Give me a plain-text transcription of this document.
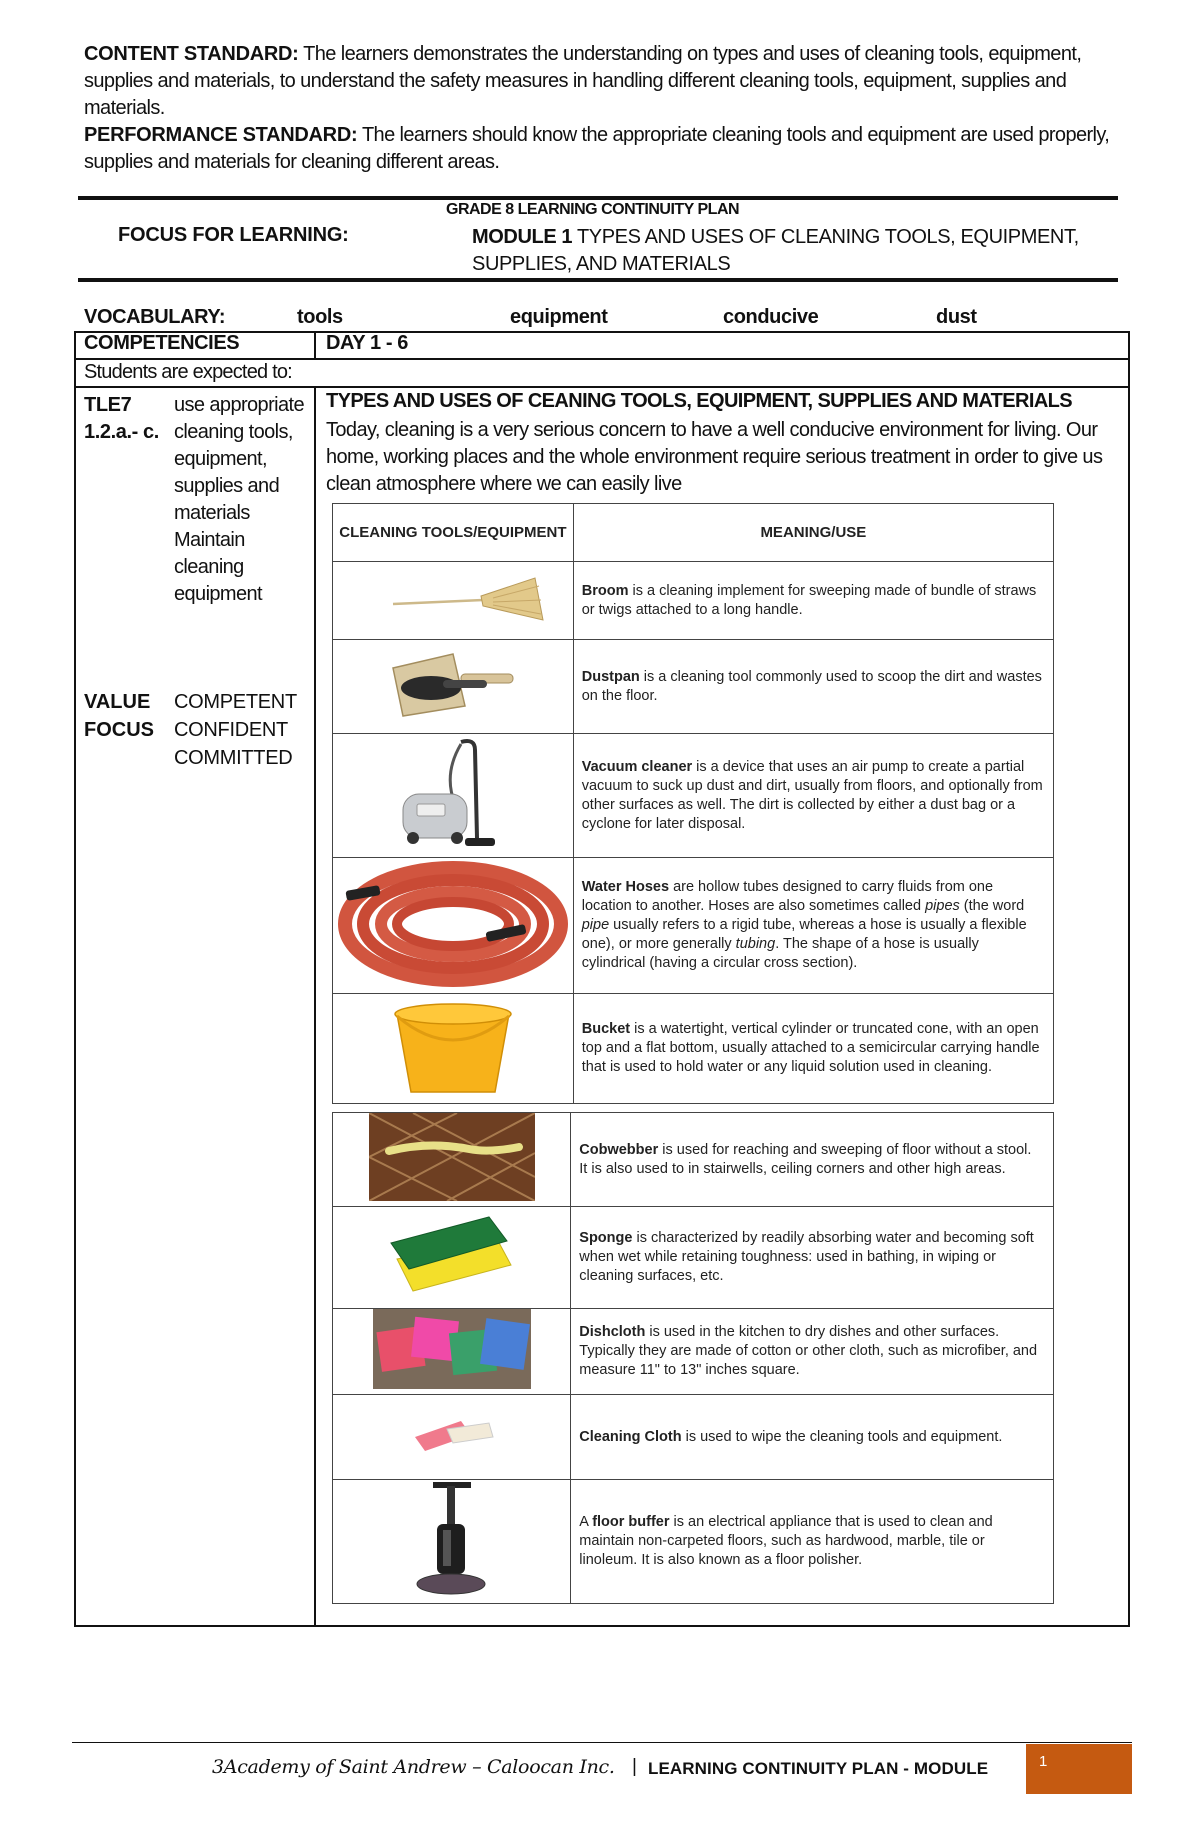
CONTENT STANDARD: The learners demonstrates the understanding on types and uses of cleaning tools, equipment, supplies and materials, to understand the safety measures in handling different cleaning tools, equipment, supplies and materials.
PERFORMANCE STANDARD: The learners should know the appropriate cleaning tools and equipment are used properly, supplies and materials for cleaning different areas.
GRADE 8 LEARNING CONTINUITY PLAN
FOCUS FOR LEARNING:	MODULE 1 TYPES AND USES OF CLEANING TOOLS, EQUIPMENT, SUPPLIES, AND MATERIALS
VOCABULARY:	tools	equipment	conducive	dust
COMPETENCIES	DAY 1 - 6
Students are expected to:
TLE7 1.2.a.- c.
use appropriate cleaning tools, equipment, supplies and materials Maintain cleaning equipment
VALUE FOCUS
COMPETENT
CONFIDENT
COMMITTED
TYPES AND USES OF CEANING TOOLS, EQUIPMENT, SUPPLIES AND MATERIALS
Today, cleaning is a very serious concern to have a well conducive environment for living. Our home, working places and the whole environment require serious treatment in order to give us clean atmosphere where we can easily live
CLEANING TOOLS/EQUIPMENT	MEANING/USE
	Broom is a cleaning implement for sweeping made of bundle of straws or twigs attached to a long handle.
	Dustpan is a cleaning tool commonly used to scoop the dirt and wastes on the floor.
	Vacuum cleaner is a device that uses an air pump to create a partial vacuum to suck up dust and dirt, usually from floors, and optionally from other surfaces as well. The dirt is collected by either a dust bag or a cyclone for later disposal.
	Water Hoses are hollow tubes designed to carry fluids from one location to another. Hoses are also sometimes called pipes (the word pipe usually refers to a rigid tube, whereas a hose is usually a flexible one), or more generally tubing. The shape of a hose is usually cylindrical (having a circular cross section).
	Bucket is a watertight, vertical cylinder or truncated cone, with an open top and a flat bottom, usually attached to a semicircular carrying handle that is used to hold water or any liquid solution used in cleaning.
	Cobwebber is used for reaching and sweeping of floor without a stool. It is also used to in stairwells, ceiling corners and other high areas.
	Sponge is characterized by readily absorbing water and becoming soft when wet while retaining toughness: used in bathing, in wiping or cleaning surfaces, etc.
	Dishcloth is used in the kitchen to dry dishes and other surfaces. Typically they are made of cotton or other cloth, such as microfiber, and measure 11" to 13" inches square.
	Cleaning Cloth is used to wipe the cleaning tools and equipment.
	A floor buffer is an electrical appliance that is used to clean and maintain non-carpeted floors, such as hardwood, marble, tile or linoleum. It is also known as a floor polisher.
3Academy of Saint Andrew – Caloocan Inc. | LEARNING CONTINUITY PLAN - MODULE	1
